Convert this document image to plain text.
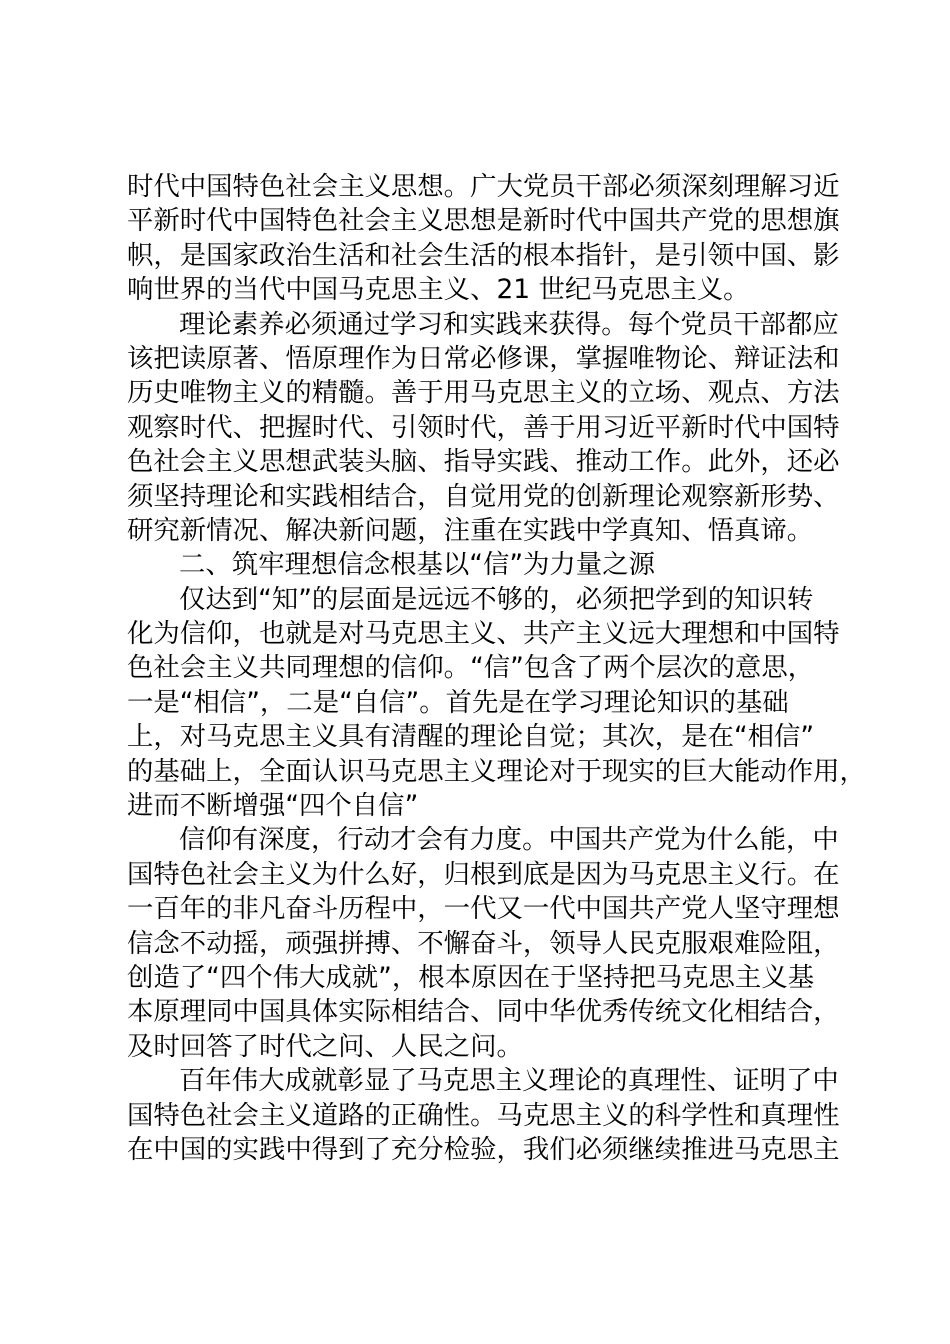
时代中国特色社会主义思想。广大党员干部必须深刻理解习近
平新时代中国特色社会主义思想是新时代中国共产党的思想旗
帜，是国家政治生活和社会生活的根本指针，是引领中国、影
响世界的当代中国马克思主义、21 世纪马克思主义。
理论素养必须通过学习和实践来获得。每个党员干部都应
该把读原著、悟原理作为日常必修课，掌握唯物论、辩证法和
历史唯物主义的精髓。善于用马克思主义的立场、观点、方法
观察时代、把握时代、引领时代，善于用习近平新时代中国特
色社会主义思想武装头脑、指导实践、推动工作。此外，还必
须坚持理论和实践相结合，自觉用党的创新理论观察新形势、
研究新情况、解决新问题，注重在实践中学真知、悟真谛。
二、筑牢理想信念根基以“信”为力量之源
仅达到“知”的层面是远远不够的，必须把学到的知识转
化为信仰，也就是对马克思主义、共产主义远大理想和中国特
色社会主义共同理想的信仰。“信”包含了两个层次的意思，
一是“相信”，二是“自信”。首先是在学习理论知识的基础
上，对马克思主义具有清醒的理论自觉；其次，是在“相信”
的基础上，全面认识马克思主义理论对于现实的巨大能动作用，
进而不断增强“四个自信”
信仰有深度，行动才会有力度。中国共产党为什么能，中
国特色社会主义为什么好，归根到底是因为马克思主义行。在
一百年的非凡奋斗历程中，一代又一代中国共产党人坚守理想
信念不动摇，顽强拼搏、不懈奋斗，领导人民克服艰难险阻，
创造了“四个伟大成就”，根本原因在于坚持把马克思主义基
本原理同中国具体实际相结合、同中华优秀传统文化相结合，
及时回答了时代之问、人民之问。
百年伟大成就彰显了马克思主义理论的真理性、证明了中
国特色社会主义道路的正确性。马克思主义的科学性和真理性
在中国的实践中得到了充分检验，我们必须继续推进马克思主
